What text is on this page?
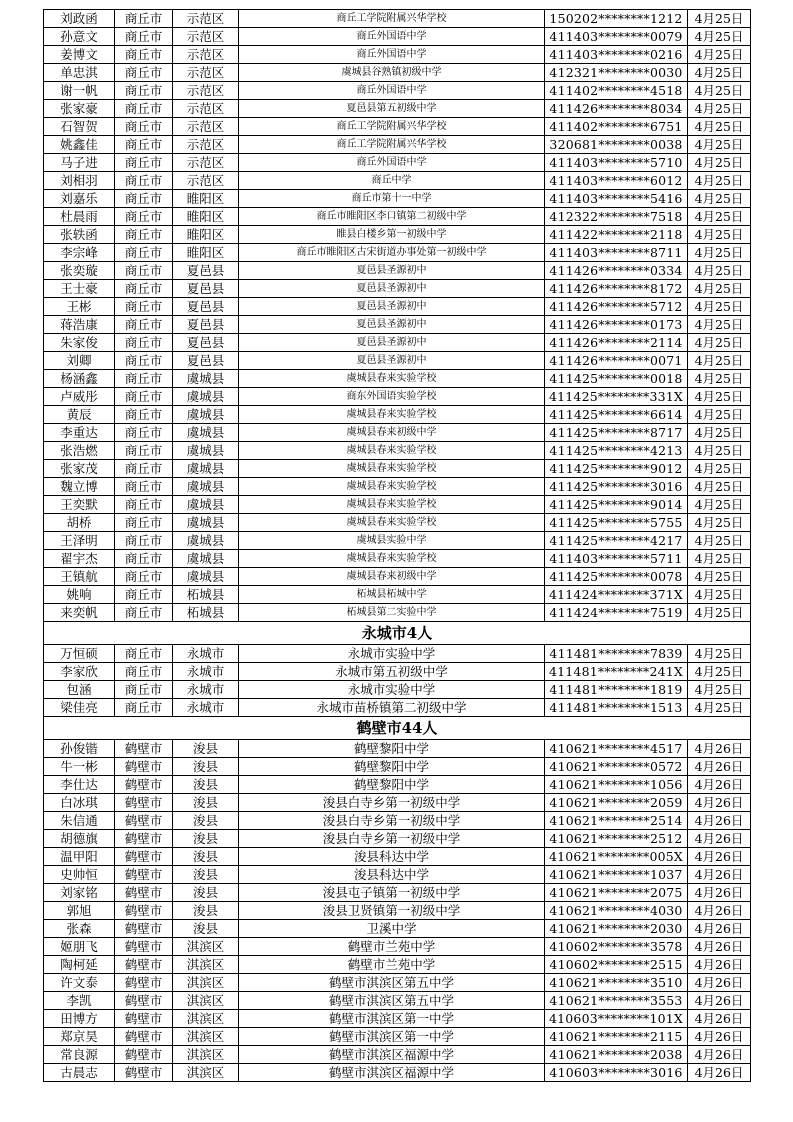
刘政函	商丘市	示范区	商丘工学院附属兴华学校	150202********1212	4月25日
孙意文	商丘市	示范区	商丘外国语中学	411403********0079	4月25日
姜博文	商丘市	示范区	商丘外国语中学	411403********0216	4月25日
单忠淇	商丘市	示范区	虞城县谷熟镇初级中学	412321********0030	4月25日
谢一帆	商丘市	示范区	商丘外国语中学	411402********4518	4月25日
张家豪	商丘市	示范区	夏邑县第五初级中学	411426********8034	4月25日
石智贺	商丘市	示范区	商丘工学院附属兴华学校	411402********6751	4月25日
姚鑫佳	商丘市	示范区	商丘工学院附属兴华学校	320681********0038	4月25日
马子进	商丘市	示范区	商丘外国语中学	411403********5710	4月25日
刘相羽	商丘市	示范区	商丘中学	411403********6012	4月25日
刘嘉乐	商丘市	睢阳区	商丘市第十一中学	411403********5416	4月25日
杜晨雨	商丘市	睢阳区	商丘市睢阳区李口镇第二初级中学	412322********7518	4月25日
张轶函	商丘市	睢阳区	睢县白楼乡第一初级中学	411422********2118	4月25日
李宗峰	商丘市	睢阳区	商丘市睢阳区古宋街道办事处第一初级中学	411403********8711	4月25日
张奕璇	商丘市	夏邑县	夏邑县圣源初中	411426********0334	4月25日
王士豪	商丘市	夏邑县	夏邑县圣源初中	411426********8172	4月25日
王彬	商丘市	夏邑县	夏邑县圣源初中	411426********5712	4月25日
蒋浩康	商丘市	夏邑县	夏邑县圣源初中	411426********0173	4月25日
朱家俊	商丘市	夏邑县	夏邑县圣源初中	411426********2114	4月25日
刘卿	商丘市	夏邑县	夏邑县圣源初中	411426********0071	4月25日
杨涵鑫	商丘市	虞城县	虞城县春来实验学校	411425********0018	4月25日
卢威彤	商丘市	虞城县	商东外国语实验学校	411425********331X	4月25日
黄辰	商丘市	虞城县	虞城县春来实验学校	411425********6614	4月25日
李重达	商丘市	虞城县	虞城县春来初级中学	411425********8717	4月25日
张浩燃	商丘市	虞城县	虞城县春来实验学校	411425********4213	4月25日
张家茂	商丘市	虞城县	虞城县春来实验学校	411425********9012	4月25日
魏立博	商丘市	虞城县	虞城县春来实验学校	411425********3016	4月25日
王奕默	商丘市	虞城县	虞城县春来实验学校	411425********9014	4月25日
胡桥	商丘市	虞城县	虞城县春来实验学校	411425********5755	4月25日
王泽明	商丘市	虞城县	虞城县实验中学	411425********4217	4月25日
翟宇杰	商丘市	虞城县	虞城县春来实验学校	411403********5711	4月25日
王镇航	商丘市	虞城县	虞城县春来初级中学	411425********0078	4月25日
姚响	商丘市	柘城县	柘城县柘城中学	411424********371X	4月25日
来奕帆	商丘市	柘城县	柘城县第二实验中学	411424********7519	4月25日
永城市4人					
万恒硕	商丘市	永城市	永城市实验中学	411481********7839	4月25日
李家欣	商丘市	永城市	永城市第五初级中学	411481********241X	4月25日
包涵	商丘市	永城市	永城市实验中学	411481********1819	4月25日
梁佳亮	商丘市	永城市	永城市苗桥镇第二初级中学	411481********1513	4月25日
鹤壁市44人					
孙俊锴	鹤壁市	浚县	鹤壁黎阳中学	410621********4517	4月26日
牛一彬	鹤壁市	浚县	鹤壁黎阳中学	410621********0572	4月26日
李仕达	鹤壁市	浚县	鹤壁黎阳中学	410621********1056	4月26日
白冰琪	鹤壁市	浚县	浚县白寺乡第一初级中学	410621********2059	4月26日
朱信通	鹤壁市	浚县	浚县白寺乡第一初级中学	410621********2514	4月26日
胡德旗	鹤壁市	浚县	浚县白寺乡第一初级中学	410621********2512	4月26日
温甲阳	鹤壁市	浚县	浚县科达中学	410621********005X	4月26日
史帅恒	鹤壁市	浚县	浚县科达中学	410621********1037	4月26日
刘家铭	鹤壁市	浚县	浚县屯子镇第一初级中学	410621********2075	4月26日
郭旭	鹤壁市	浚县	浚县卫贤镇第一初级中学	410621********4030	4月26日
张森	鹤壁市	浚县	卫溪中学	410621********2030	4月26日
姬朋飞	鹤壁市	淇滨区	鹤壁市兰苑中学	410602********3578	4月26日
陶柯延	鹤壁市	淇滨区	鹤壁市兰苑中学	410602********2515	4月26日
许文泰	鹤壁市	淇滨区	鹤壁市淇滨区第五中学	410621********3510	4月26日
李凯	鹤壁市	淇滨区	鹤壁市淇滨区第五中学	410621********3553	4月26日
田博方	鹤壁市	淇滨区	鹤壁市淇滨区第一中学	410603********101X	4月26日
郑京昊	鹤壁市	淇滨区	鹤壁市淇滨区第一中学	410621********2115	4月26日
常良源	鹤壁市	淇滨区	鹤壁市淇滨区福源中学	410621********2038	4月26日
古晨志	鹤壁市	淇滨区	鹤壁市淇滨区福源中学	410603********3016	4月26日
